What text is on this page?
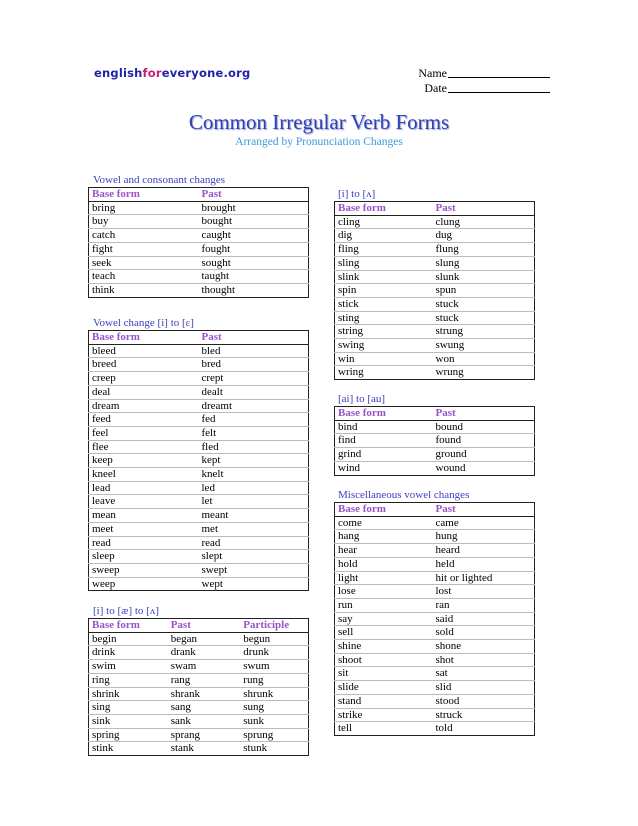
englishforeveryone.org	Name
Date
Common Irregular Verb Forms
Arranged by Pronunciation Changes
Vowel and consonant changes
Base form	Past
bring	brought
buy	bought
catch	caught
fight	fought
seek	sought
teach	taught
think	thought
Vowel change [i] to [ɛ]
Base form	Past
bleed	bled
breed	bred
creep	crept
deal	dealt
dream	dreamt
feed	fed
feel	felt
flee	fled
keep	kept
kneel	knelt
lead	led
leave	let
mean	meant
meet	met
read	read
sleep	slept
sweep	swept
weep	wept
[i] to [æ] to [ʌ]
Base form	Past	Participle
begin	began	begun
drink	drank	drunk
swim	swam	swum
ring	rang	rung
shrink	shrank	shrunk
sing	sang	sung
sink	sank	sunk
spring	sprang	sprung
stink	stank	stunk
[i] to [ʌ]
Base form	Past
cling	clung
dig	dug
fling	flung
sling	slung
slink	slunk
spin	spun
stick	stuck
sting	stuck
string	strung
swing	swung
win	won
wring	wrung
[ai] to [au]
Base form	Past
bind	bound
find	found
grind	ground
wind	wound
Miscellaneous vowel changes
Base form	Past
come	came
hang	hung
hear	heard
hold	held
light	hit or lighted
lose	lost
run	ran
say	said
sell	sold
shine	shone
shoot	shot
sit	sat
slide	slid
stand	stood
strike	struck
tell	told
